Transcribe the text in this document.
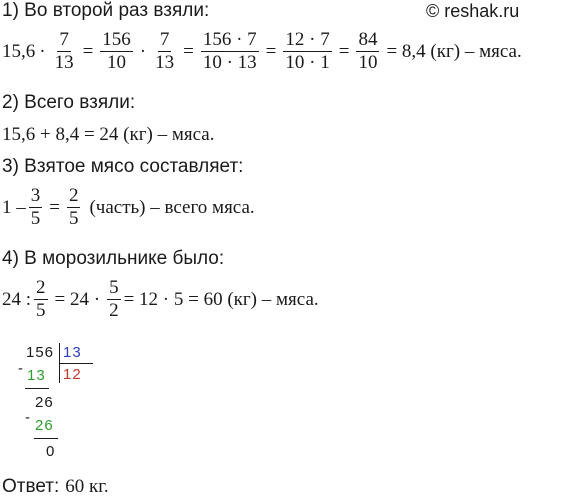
© reshak.ru
1) Во второй раз взяли:
$15,6 \cdot \frac{7}{13} = \frac{156}{10} \cdot \frac{7}{13} = \frac{156 \cdot 7}{10 \cdot 13} = \frac{12 \cdot 7}{10 \cdot 1} = \frac{84}{10} = 8,4$ (кг) – мяса.
2) Всего взяли:
15,6 + 8,4 = 24 (кг) – мяса.
3) Взятое мясо составляет:
$1 - \frac{3}{5} = \frac{2}{5}$ (часть) – всего мяса.
4) В морозильнике было:
24 : $\frac{2}{5} = 24 \cdot \frac{5}{2} = 12 \cdot 5 = 60$ (кг) – мяса.
156 13
12
- 13
26
- 26
0
Ответ: 60 кг.
